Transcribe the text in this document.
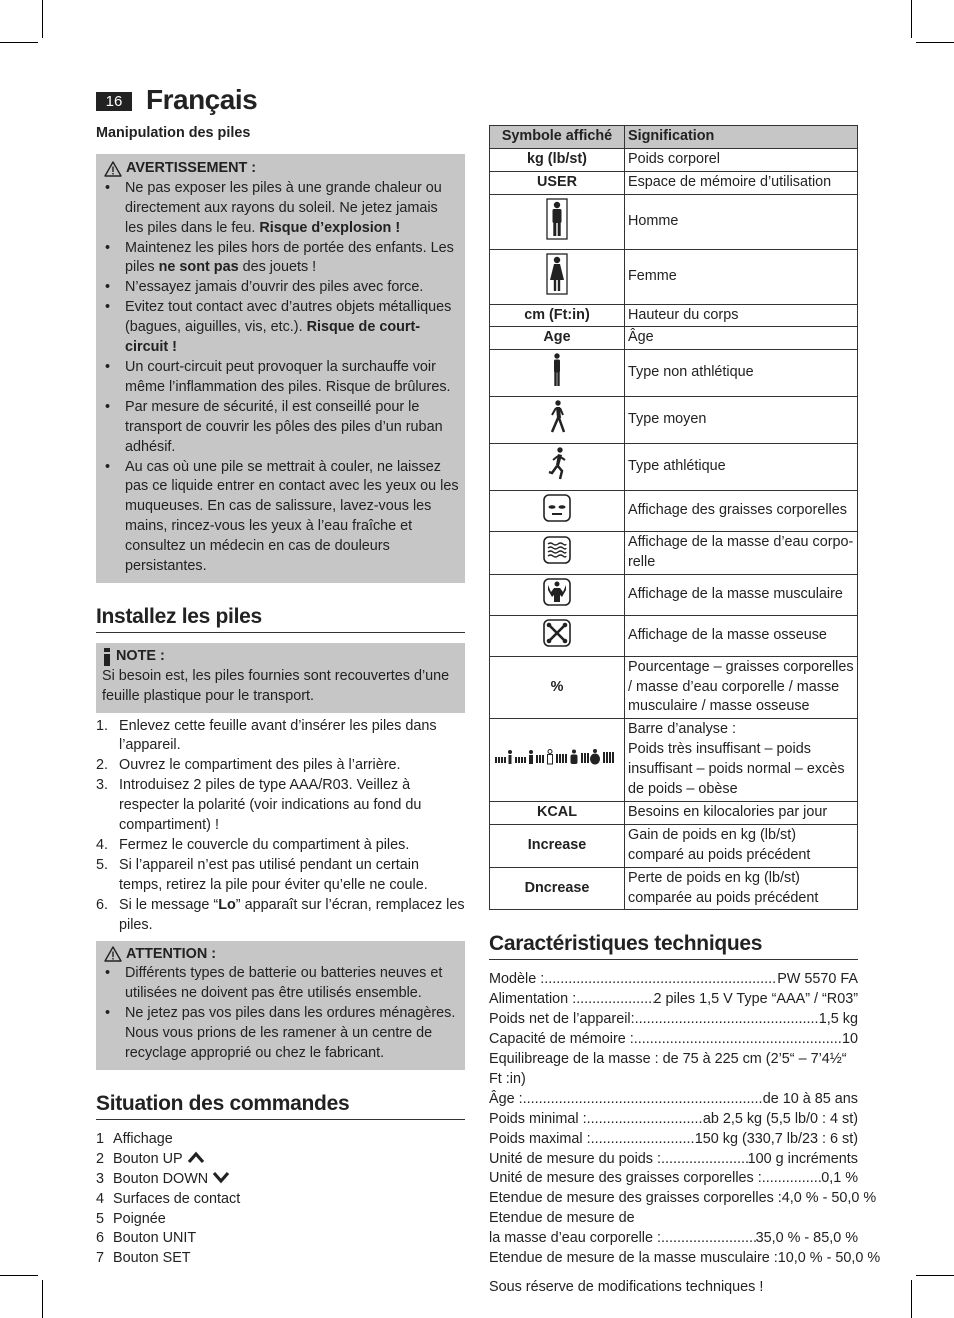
16 Français
Manipulation des piles
AVERTISSEMENT :
• Ne pas exposer les piles à une grande chaleur ou directement aux rayons du soleil. Ne jetez jamais les piles dans le feu. Risque d’explosion !
• Maintenez les piles hors de portée des enfants. Les piles ne sont pas des jouets !
• N’essayez jamais d’ouvrir des piles avec force.
• Evitez tout contact avec d’autres objets métalliques (bagues, aiguilles, vis, etc.). Risque de court-circuit !
• Un court-circuit peut provoquer la surchauffe voir même l’inflammation des piles. Risque de brûlures.
• Par mesure de sécurité, il est conseillé pour le transport de couvrir les pôles des piles d’un ruban adhésif.
• Au cas où une pile se mettrait à couler, ne laissez pas ce liquide entrer en contact avec les yeux ou les muqueuses. En cas de salissure, lavez-vous les mains, rincez-vous les yeux à l’eau fraîche et consultez un médecin en cas de douleurs persistantes.
Installez les piles
NOTE :
Si besoin est, les piles fournies sont recouvertes d’une feuille plastique pour le transport.
1. Enlevez cette feuille avant d’insérer les piles dans l’appareil.
2. Ouvrez le compartiment des piles à l’arrière.
3. Introduisez 2 piles de type AAA/R03. Veillez à respecter la polarité (voir indications au fond du compartiment) !
4. Fermez le couvercle du compartiment à piles.
5. Si l’appareil n’est pas utilisé pendant un certain temps, retirez la pile pour éviter qu’elle ne coule.
6. Si le message “Lo” apparaît sur l’écran, remplacez les piles.
ATTENTION :
• Différents types de batterie ou batteries neuves et utilisées ne doivent pas être utilisés ensemble.
• Ne jetez pas vos piles dans les ordures ménagères. Nous vous prions de les ramener à un centre de recyclage approprié ou chez le fabricant.
Situation des commandes
1 Affichage
2 Bouton UP
3 Bouton DOWN
4 Surfaces de contact
5 Poignée
6 Bouton UNIT
7 Bouton SET
Symbole affiché	Signification
kg (lb/st)	Poids corporel
USER	Espace de mémoire d’utilisation
	Homme
	Femme
cm (Ft:in)	Hauteur du corps
Age	Âge
	Type non athlétique
	Type moyen
	Type athlétique
	Affichage des graisses corporelles
	Affichage de la masse d’eau corporelle
	Affichage de la masse musculaire
	Affichage de la masse osseuse
%	Pourcentage – graisses corporelles / masse d’eau corporelle / masse musculaire / masse osseuse
	Barre d’analyse :
Poids très insuffisant – poids insuffisant – poids normal – excès de poids – obèse
KCAL	Besoins en kilocalories par jour
Increase	Gain de poids en kg (lb/st) comparé au poids précédent
Dncrease	Perte de poids en kg (lb/st) comparée au poids précédent
Caractéristiques techniques
Modèle : .....	PW 5570 FA
Alimentation : .....	2 piles 1,5 V Type “AAA” / “R03”
Poids net de l’appareil: .....	1,5 kg
Capacité de mémoire : .....	10
Equilibreage de la masse : de 75 à 225 cm (2’5“ – 7’4½“ Ft :in)
Âge : .....	de 10 à 85 ans
Poids minimal : .....	ab 2,5 kg (5,5 lb/0 : 4 st)
Poids maximal : .....	150 kg (330,7 lb/23 : 6 st)
Unité de mesure du poids : .....	100 g incréments
Unité de mesure des graisses corporelles : .....	0,1 %
Etendue de mesure des graisses corporelles : 4,0 % - 50,0 %
Etendue de mesure de
la masse d’eau corporelle : .....	35,0 % - 85,0 %
Etendue de mesure de la masse musculaire : 10,0 % - 50,0 %
Sous réserve de modifications techniques !
